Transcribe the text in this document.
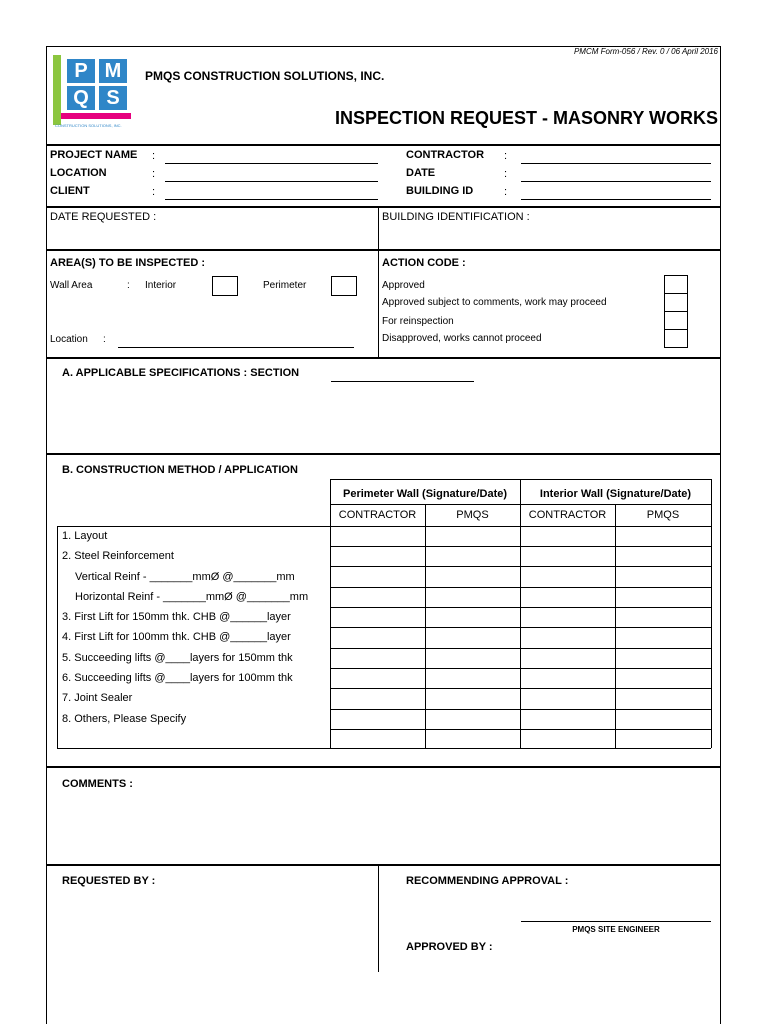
PMCM Form-056 / Rev. 0 / 06 April 2016
P M
Q S
CONSTRUCTION SOLUTIONS, INC.
PMQS CONSTRUCTION SOLUTIONS, INC.
INSPECTION REQUEST - MASONRY WORKS
PROJECT NAME
LOCATION
CLIENT
:
:
:
CONTRACTOR
DATE
BUILDING ID
:
:
:
DATE REQUESTED :	BUILDING IDENTIFICATION :
AREA(S) TO BE INSPECTED :
Wall Area	: Interior	Perimeter
Location :
ACTION CODE :
Approved
Approved subject to comments, work may proceed
For reinspection
Disapproved, works cannot proceed
A. APPLICABLE SPECIFICATIONS : SECTION
B. CONSTRUCTION METHOD / APPLICATION
Perimeter Wall (Signature/Date)	Interior Wall (Signature/Date)
CONTRACTOR	PMQS	CONTRACTOR	PMQS
1. Layout
2. Steel Reinforcement
Vertical Reinf - _______mmØ @_______mm
Horizontal Reinf - _______mmØ @_______mm
3. First Lift for 150mm thk. CHB @______layer
4. First Lift for 100mm thk. CHB @______layer
5. Succeeding lifts @____layers for 150mm thk
6. Succeeding lifts @____layers for 100mm thk
7. Joint Sealer
8. Others, Please Specify
COMMENTS :
REQUESTED BY :	RECOMMENDING APPROVAL :
PMQS SITE ENGINEER
APPROVED BY :
